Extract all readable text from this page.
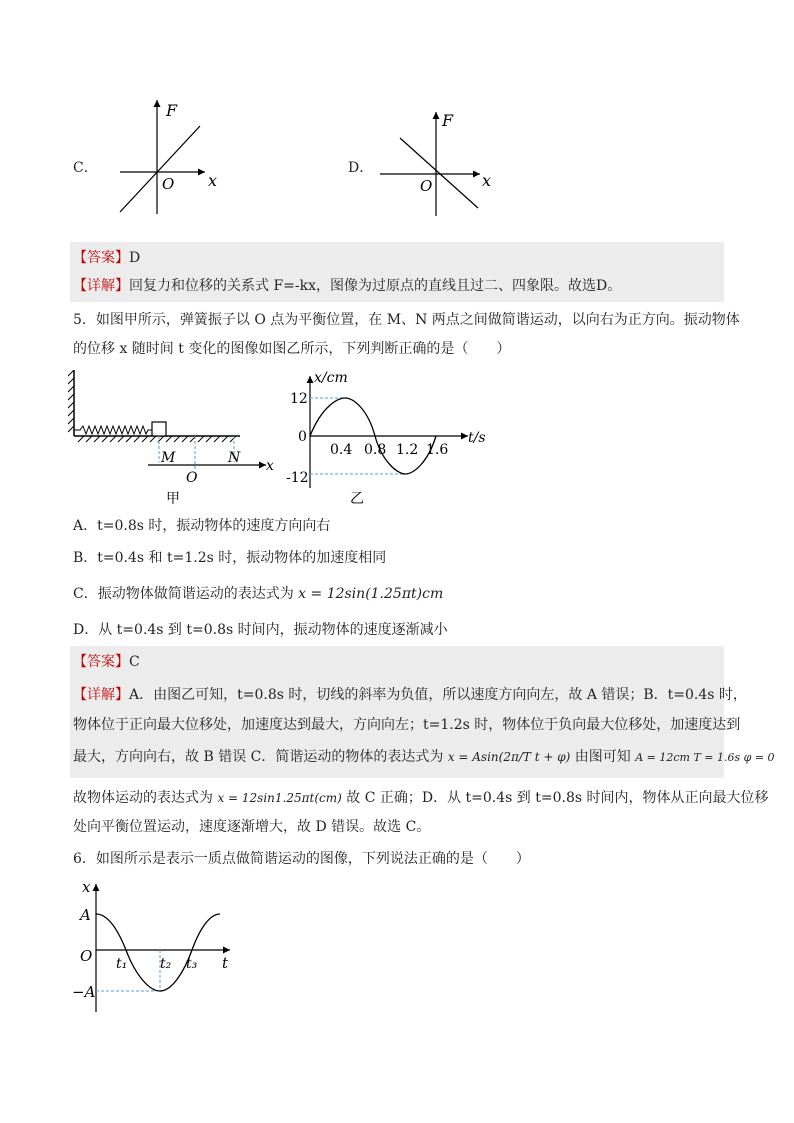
C．
F
x
O
D．
F
x
O
【答案】D
【详解】回复力和位移的关系式 F=-kx，图像为过原点的直线且过二、四象限。故选D。
5．如图甲所示，弹簧振子以 O 点为平衡位置，在 M、N 两点之间做简谐运动，以向右为正方向。振动物体
的位移 x 随时间 t 变化的图像如图乙所示，下列判断正确的是（　　）
M	N
O
x
甲
x/cm
t/s
12
0
-12
0.4 0.8 1.2 1.6
乙
A．t=0.8s 时，振动物体的速度方向向右
B．t=0.4s 和 t=1.2s 时，振动物体的加速度相同
C．振动物体做简谐运动的表达式为 x = 12sin(1.25πt)cm
D．从 t=0.4s 到 t=0.8s 时间内，振动物体的速度逐渐减小
【答案】C
【详解】A．由图乙可知，t=0.8s 时，切线的斜率为负值，所以速度方向向左，故 A 错误；B．t=0.4s 时，
物体位于正向最大位移处，加速度达到最大，方向向左；t=1.2s 时，物体位于负向最大位移处，加速度达到
最大，方向向右，故 B 错误 C．简谐运动的物体的表达式为 x = Asin(2π/T t + φ) 由图可知 A = 12cm T = 1.6s φ = 0
故物体运动的表达式为 x = 12sin1.25πt(cm) 故 C 正确；D．从 t=0.4s 到 t=0.8s 时间内，物体从正向最大位移
处向平衡位置运动，速度逐渐增大，故 D 错误。故选 C。
6．如图所示是表示一质点做简谐运动的图像，下列说法正确的是（　　）
x
t
O
A
−A
t₁ t₂ t₃
